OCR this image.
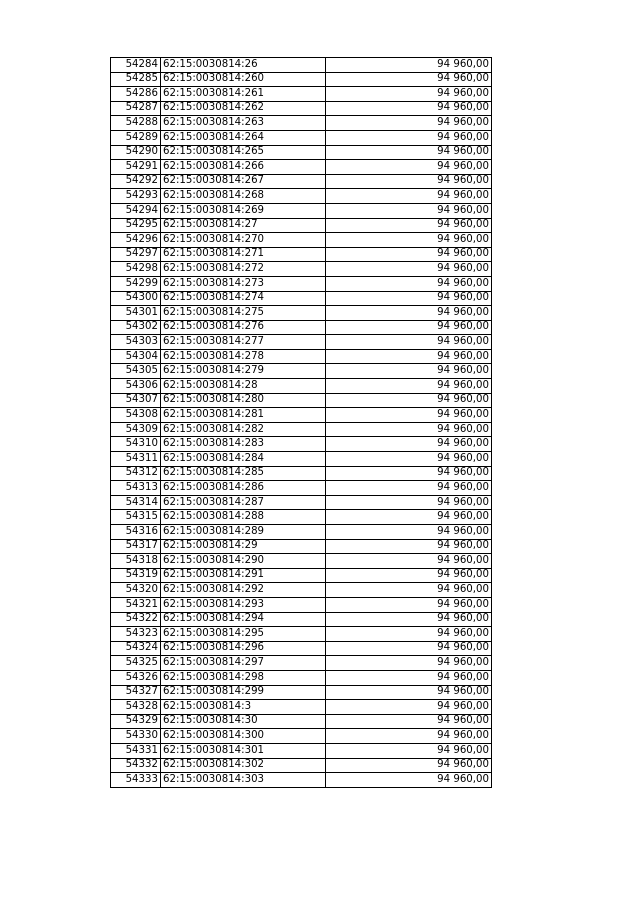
54284	62:15:0030814:26	94 960,00
54285	62:15:0030814:260	94 960,00
54286	62:15:0030814:261	94 960,00
54287	62:15:0030814:262	94 960,00
54288	62:15:0030814:263	94 960,00
54289	62:15:0030814:264	94 960,00
54290	62:15:0030814:265	94 960,00
54291	62:15:0030814:266	94 960,00
54292	62:15:0030814:267	94 960,00
54293	62:15:0030814:268	94 960,00
54294	62:15:0030814:269	94 960,00
54295	62:15:0030814:27	94 960,00
54296	62:15:0030814:270	94 960,00
54297	62:15:0030814:271	94 960,00
54298	62:15:0030814:272	94 960,00
54299	62:15:0030814:273	94 960,00
54300	62:15:0030814:274	94 960,00
54301	62:15:0030814:275	94 960,00
54302	62:15:0030814:276	94 960,00
54303	62:15:0030814:277	94 960,00
54304	62:15:0030814:278	94 960,00
54305	62:15:0030814:279	94 960,00
54306	62:15:0030814:28	94 960,00
54307	62:15:0030814:280	94 960,00
54308	62:15:0030814:281	94 960,00
54309	62:15:0030814:282	94 960,00
54310	62:15:0030814:283	94 960,00
54311	62:15:0030814:284	94 960,00
54312	62:15:0030814:285	94 960,00
54313	62:15:0030814:286	94 960,00
54314	62:15:0030814:287	94 960,00
54315	62:15:0030814:288	94 960,00
54316	62:15:0030814:289	94 960,00
54317	62:15:0030814:29	94 960,00
54318	62:15:0030814:290	94 960,00
54319	62:15:0030814:291	94 960,00
54320	62:15:0030814:292	94 960,00
54321	62:15:0030814:293	94 960,00
54322	62:15:0030814:294	94 960,00
54323	62:15:0030814:295	94 960,00
54324	62:15:0030814:296	94 960,00
54325	62:15:0030814:297	94 960,00
54326	62:15:0030814:298	94 960,00
54327	62:15:0030814:299	94 960,00
54328	62:15:0030814:3	94 960,00
54329	62:15:0030814:30	94 960,00
54330	62:15:0030814:300	94 960,00
54331	62:15:0030814:301	94 960,00
54332	62:15:0030814:302	94 960,00
54333	62:15:0030814:303	94 960,00
